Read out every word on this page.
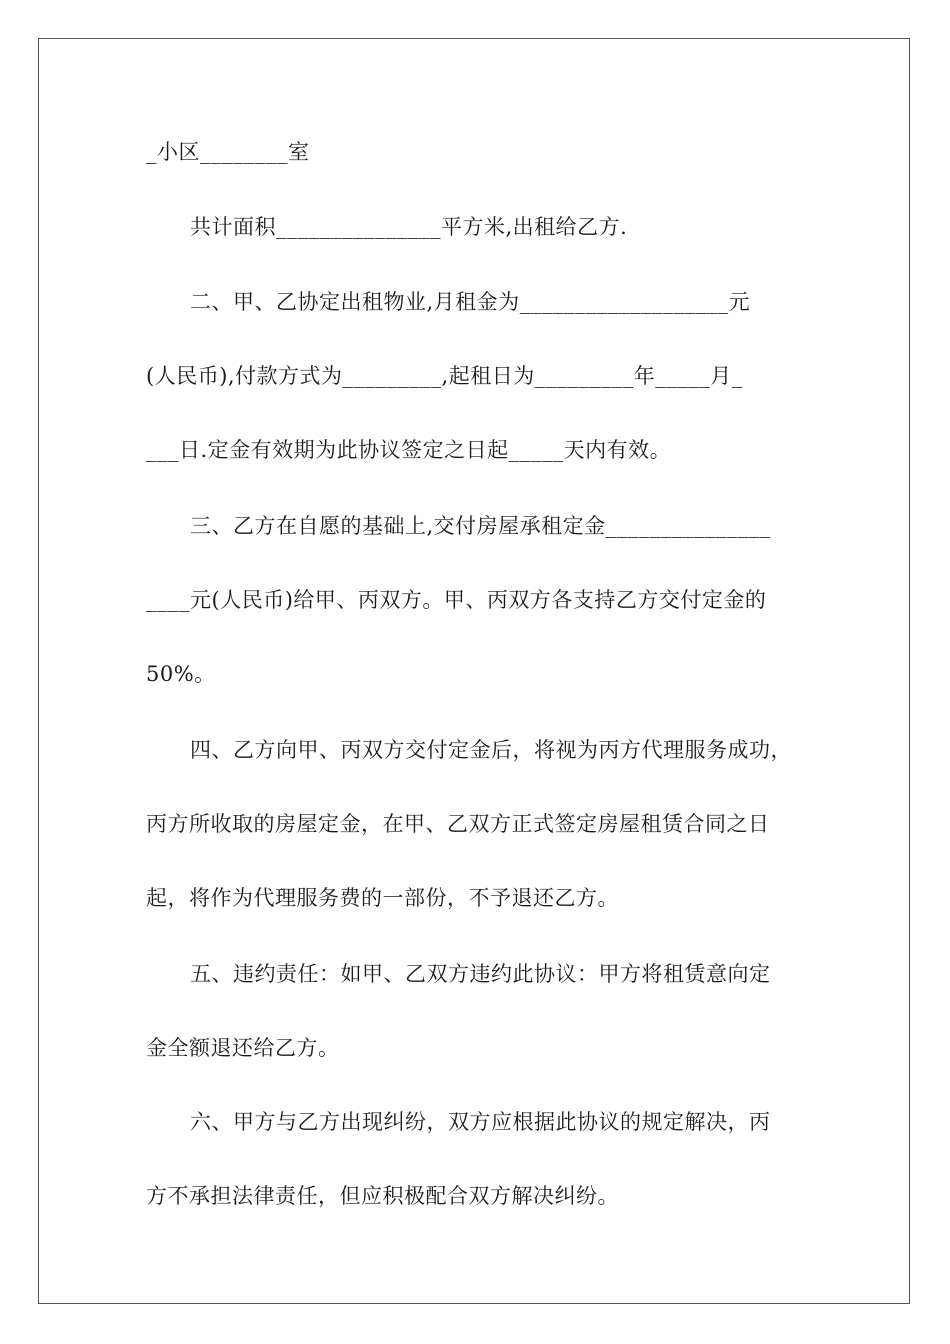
_小区________室
共计面积_______________平方米,出租给乙方.
二、甲、乙协定出租物业,月租金为___________________元
(人民币),付款方式为_________,起租日为_________年_____月_
___日.定金有效期为此协议签定之日起_____天内有效。
三、乙方在自愿的基础上,交付房屋承租定金_______________
____元(人民币)给甲、丙双方。甲、丙双方各支持乙方交付定金的
50%。
四、乙方向甲、丙双方交付定金后，将视为丙方代理服务成功，
丙方所收取的房屋定金，在甲、乙双方正式签定房屋租赁合同之日
起，将作为代理服务费的一部份，不予退还乙方。
五、违约责任：如甲、乙双方违约此协议：甲方将租赁意向定
金全额退还给乙方。
六、甲方与乙方出现纠纷，双方应根据此协议的规定解决，丙
方不承担法律责任，但应积极配合双方解决纠纷。
